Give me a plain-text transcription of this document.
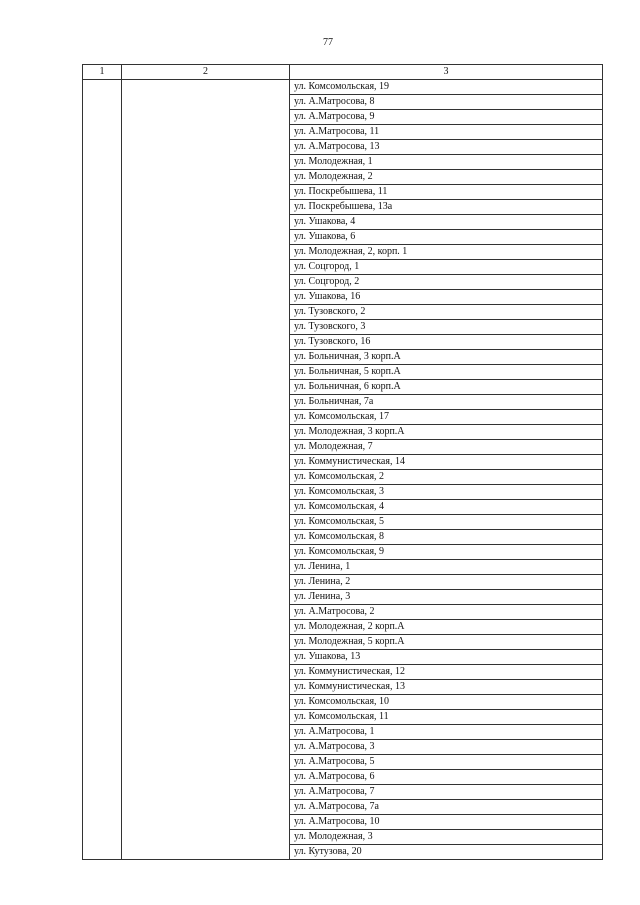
77
1	2	3
		ул. Комсомольская, 19
		ул. А.Матросова, 8
		ул. А.Матросова, 9
		ул. А.Матросова, 11
		ул. А.Матросова, 13
		ул. Молодежная, 1
		ул. Молодежная, 2
		ул. Поскребышева, 11
		ул. Поскребышева, 13а
		ул. Ушакова, 4
		ул. Ушакова, 6
		ул. Молодежная, 2, корп. 1
		ул. Соцгород, 1
		ул. Соцгород, 2
		ул. Ушакова, 16
		ул. Тузовского, 2
		ул. Тузовского, 3
		ул. Тузовского, 16
		ул. Больничная, 3 корп.А
		ул. Больничная, 5 корп.А
		ул. Больничная, 6 корп.А
		ул. Больничная, 7а
		ул. Комсомольская, 17
		ул. Молодежная, 3 корп.А
		ул. Молодежная, 7
		ул. Коммунистическая, 14
		ул. Комсомольская, 2
		ул. Комсомольская, 3
		ул. Комсомольская, 4
		ул. Комсомольская, 5
		ул. Комсомольская, 8
		ул. Комсомольская, 9
		ул. Ленина, 1
		ул. Ленина, 2
		ул. Ленина, 3
		ул. А.Матросова, 2
		ул. Молодежная, 2 корп.А
		ул. Молодежная, 5 корп.А
		ул. Ушакова, 13
		ул. Коммунистическая, 12
		ул. Коммунистическая, 13
		ул. Комсомольская, 10
		ул. Комсомольская, 11
		ул. А.Матросова, 1
		ул. А.Матросова, 3
		ул. А.Матросова, 5
		ул. А.Матросова, 6
		ул. А.Матросова, 7
		ул. А.Матросова, 7а
		ул. А.Матросова, 10
		ул. Молодежная, 3
		ул. Кутузова, 20
